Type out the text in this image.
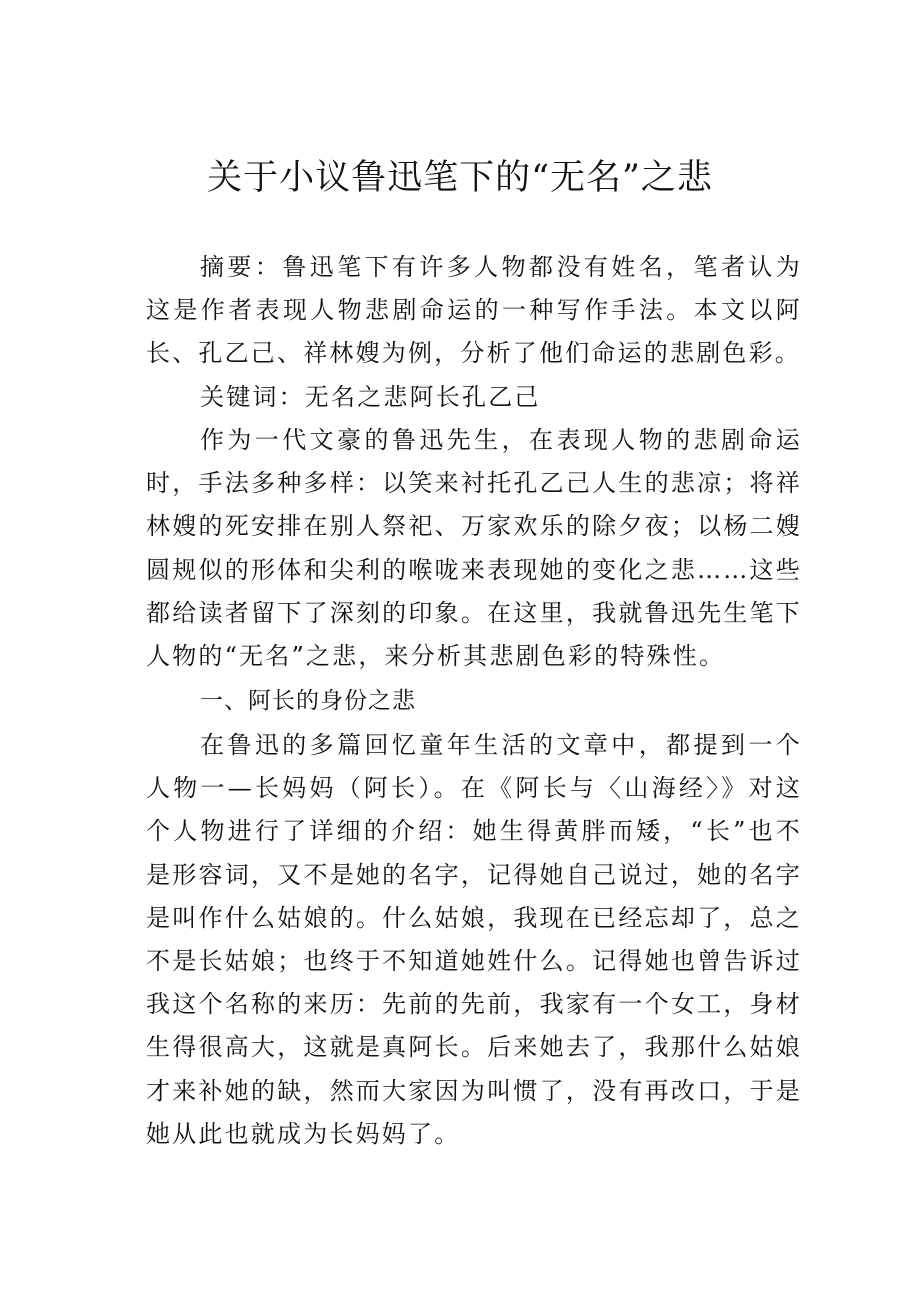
关于小议鲁迅笔下的“无名”之悲

摘要：鲁迅笔下有许多人物都没有姓名，笔者认为这是作者表现人物悲剧命运的一种写作手法。本文以阿长、孔乙己、祥林嫂为例，分析了他们命运的悲剧色彩。

关键词：无名之悲阿长孔乙己

作为一代文豪的鲁迅先生，在表现人物的悲剧命运时，手法多种多样：以笑来衬托孔乙己人生的悲凉；将祥林嫂的死安排在别人祭祀、万家欢乐的除夕夜；以杨二嫂圆规似的形体和尖利的喉咙来表现她的变化之悲……这些都给读者留下了深刻的印象。在这里，我就鲁迅先生笔下人物的“无名”之悲，来分析其悲剧色彩的特殊性。

一、阿长的身份之悲

在鲁迅的多篇回忆童年生活的文章中，都提到一个人物一—长妈妈（阿长）。在《阿长与〈山海经〉》对这个人物进行了详细的介绍：她生得黄胖而矮，“长”也不是形容词，又不是她的名字，记得她自己说过，她的名字是叫作什么姑娘的。什么姑娘，我现在已经忘却了，总之不是长姑娘；也终于不知道她姓什么。记得她也曾告诉过我这个名称的来历：先前的先前，我家有一个女工，身材生得很高大，这就是真阿长。后来她去了，我那什么姑娘才来补她的缺，然而大家因为叫惯了，没有再改口，于是她从此也就成为长妈妈了。
